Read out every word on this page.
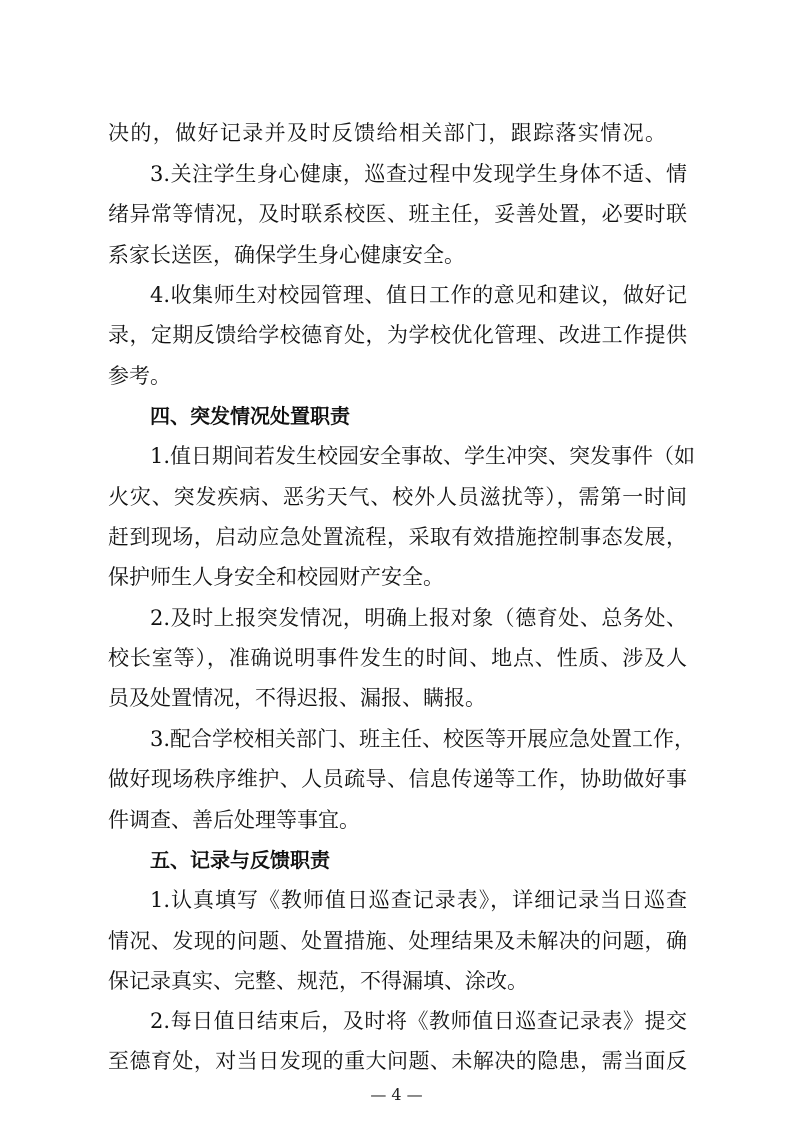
决的，做好记录并及时反馈给相关部门，跟踪落实情况。
3.关注学生身心健康，巡查过程中发现学生身体不适、情
绪异常等情况，及时联系校医、班主任，妥善处置，必要时联
系家长送医，确保学生身心健康安全。
4.收集师生对校园管理、值日工作的意见和建议，做好记
录，定期反馈给学校德育处，为学校优化管理、改进工作提供
参考。
四、突发情况处置职责
1.值日期间若发生校园安全事故、学生冲突、突发事件（如
火灾、突发疾病、恶劣天气、校外人员滋扰等），需第一时间
赶到现场，启动应急处置流程，采取有效措施控制事态发展，
保护师生人身安全和校园财产安全。
2.及时上报突发情况，明确上报对象（德育处、总务处、
校长室等），准确说明事件发生的时间、地点、性质、涉及人
员及处置情况，不得迟报、漏报、瞒报。
3.配合学校相关部门、班主任、校医等开展应急处置工作，
做好现场秩序维护、人员疏导、信息传递等工作，协助做好事
件调查、善后处理等事宜。
五、记录与反馈职责
1.认真填写《教师值日巡查记录表》，详细记录当日巡查
情况、发现的问题、处置措施、处理结果及未解决的问题，确
保记录真实、完整、规范，不得漏填、涂改。
2.每日值日结束后，及时将《教师值日巡查记录表》提交
至德育处，对当日发现的重大问题、未解决的隐患，需当面反
— 4 —
